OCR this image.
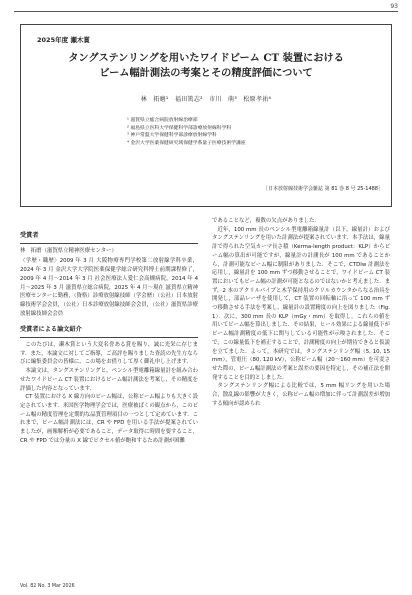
93
2025年度 瀬木賞
タングステンリングを用いたワイドビーム CT 装置における
ビーム幅計測法の考案とその精度評価について
林　拓磨¹　福田篤志²　市川　萌³　松原孝祐⁴
¹ 滋賀県立総合病院放射線治療部
² 福島県立医科大学保健科学部診療放射線科学科
³ 神戸常盤大学保健科学部診療放射線学科
⁴ 金沢大学医薬保健研究域保健学系量子医療技術学講座
［日本放射線技術学会雑誌 第 81 巻 8 号 25-1488］
受賞者
林　拓磨（滋賀県立精神医療センター）

〈学歴・職歴〉2009 年 3 月 大阪物療専門学校第二放射線学科卒業，2024 年 3 月 金沢大学大学院医薬保健学総合研究科博士前期課程修了，2009 年 4 月～2014 年 3 月 社会医療法人愛仁会高槻病院，2014 年 4 月～2025 年 3 月 滋賀県立総合病院，2025 年 4 月～現在 滋賀県立精神医療センターに勤務，（資格）診療放射線技師（学会歴）（公社）日本放射線技術学会会員，（公社）日本診療放射線技師会会員，（公社）滋賀県診療放射線技師会会員

受賞者による論文紹介

このたびは，瀬木賞という大変名誉ある賞を賜り，誠に光栄に存じます．また，本論文に対してご指導，ご高評を賜りました査読の先生方ならびに編集委員会の皆様に，この場をお借りして厚く御礼申し上げます．

本論文は，タングステンリングと，ペンシル型電離箱線量計を組み合わせたワイドビーム CT 装置におけるビーム幅計測法を考案し，その精度を評価した内容となっています．

CT 装置における X 線方向のビーム幅は，公称ビーム幅よりも大きく設定されています．米国医学物理学会では，医療被ばくの観点から，このビーム幅の精度管理を定期的な品質管理項目の一つとして定めています．これまで，ビーム幅計測法には，CR や FPD を用いる手法が提案されていましたが，画像解析が必要であること，データ取得に時間を要すること，CR や FPD では分量の X 線でピクセル値が飽和するため計測が困難

であることなど，複数の欠点がありました．

近年，100 mm 長のペンシル型電離箱線量計（以下，線量計）およびタングステンリングを用いた計測法が提案されています．本手法は，線量計で得られた空気カーマ長さ積（Kerma-length product：KLP）からビーム幅の算出が可能ですが，線量計の計測長が 100 mm であることから，計測可能なビーム幅に制限がありました．そこで，CTDIw 計測法を応用し，線量計を 100 mm ずつ移動させることで，ワイドビーム CT 装置においてもビーム幅の計測が可能となるのではないかと考えました．まず，2 本のアクリルパイプと木芋保持用のクリルカウンタからなる治具を開発し，部品レーザを使用して，CT 装置の回転軸に沿って 100 mm ずつ移動させる手法を考案し，線量計の設置精度の向上を図りました（Fig. 1）．次に，300 mm 長の KLP（mGy・mm）を取得し，これらの値を用いてビーム幅を算出しました．その結果，ヒール効果による線量低下がビーム幅計測精度の低下に関与している可能性が示唆されました．そこで，この線量低下を補正することで，計測精度の向上が期待できると仮説を立てました．よって，本研究では，タングステンリング幅（5, 10, 15 mm），管電圧（80, 120 kV），公称ビーム幅（20～160 mm）を可変させた際の，ビーム幅計測法の考案と誤差の要因を特定し，その補正法を開発することを目的としました．

タングステンリング幅による比較では，5 mm 幅リングを用いた場合，散乱線の影響が大きく，公称ビーム幅の増加に伴って計測誤差が増加する傾向が認められ

Vol. 82 No. 3 Mar 2026
